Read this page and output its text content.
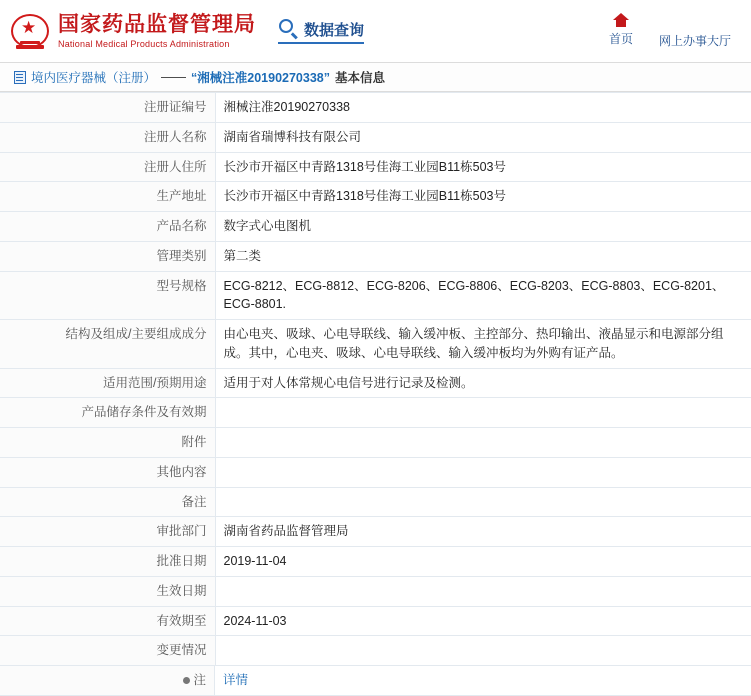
★ 国家药品监督管理局
National Medical Products Administration
数据查询
首页 网上办事大厅
境内医疗器械（注册） —— “湘械注准20190270338” 基本信息
注册证编号	湘械注准20190270338
注册人名称	湖南省瑞博科技有限公司
注册人住所	长沙市开福区中青路1318号佳海工业园B11栋503号
生产地址	长沙市开福区中青路1318号佳海工业园B11栋503号
产品名称	数字式心电图机
管理类别	第二类
型号规格	ECG-8212、ECG-8812、ECG-8206、ECG-8806、ECG-8203、ECG-8803、ECG-8201、ECG-8801.
结构及组成/主要组成成分	由心电夹、吸球、心电导联线、输入缓冲板、主控部分、热印输出、液晶显示和电源部分组成。其中，心电夹、吸球、心电导联线、输入缓冲板均为外购有证产品。
适用范围/预期用途	适用于对人体常规心电信号进行记录及检测。
产品储存条件及有效期	
附件	
其他内容	
备注	
审批部门	湖南省药品监督管理局
批准日期	2019-11-04
生效日期	
有效期至	2024-11-03
变更情况	

注 详情
